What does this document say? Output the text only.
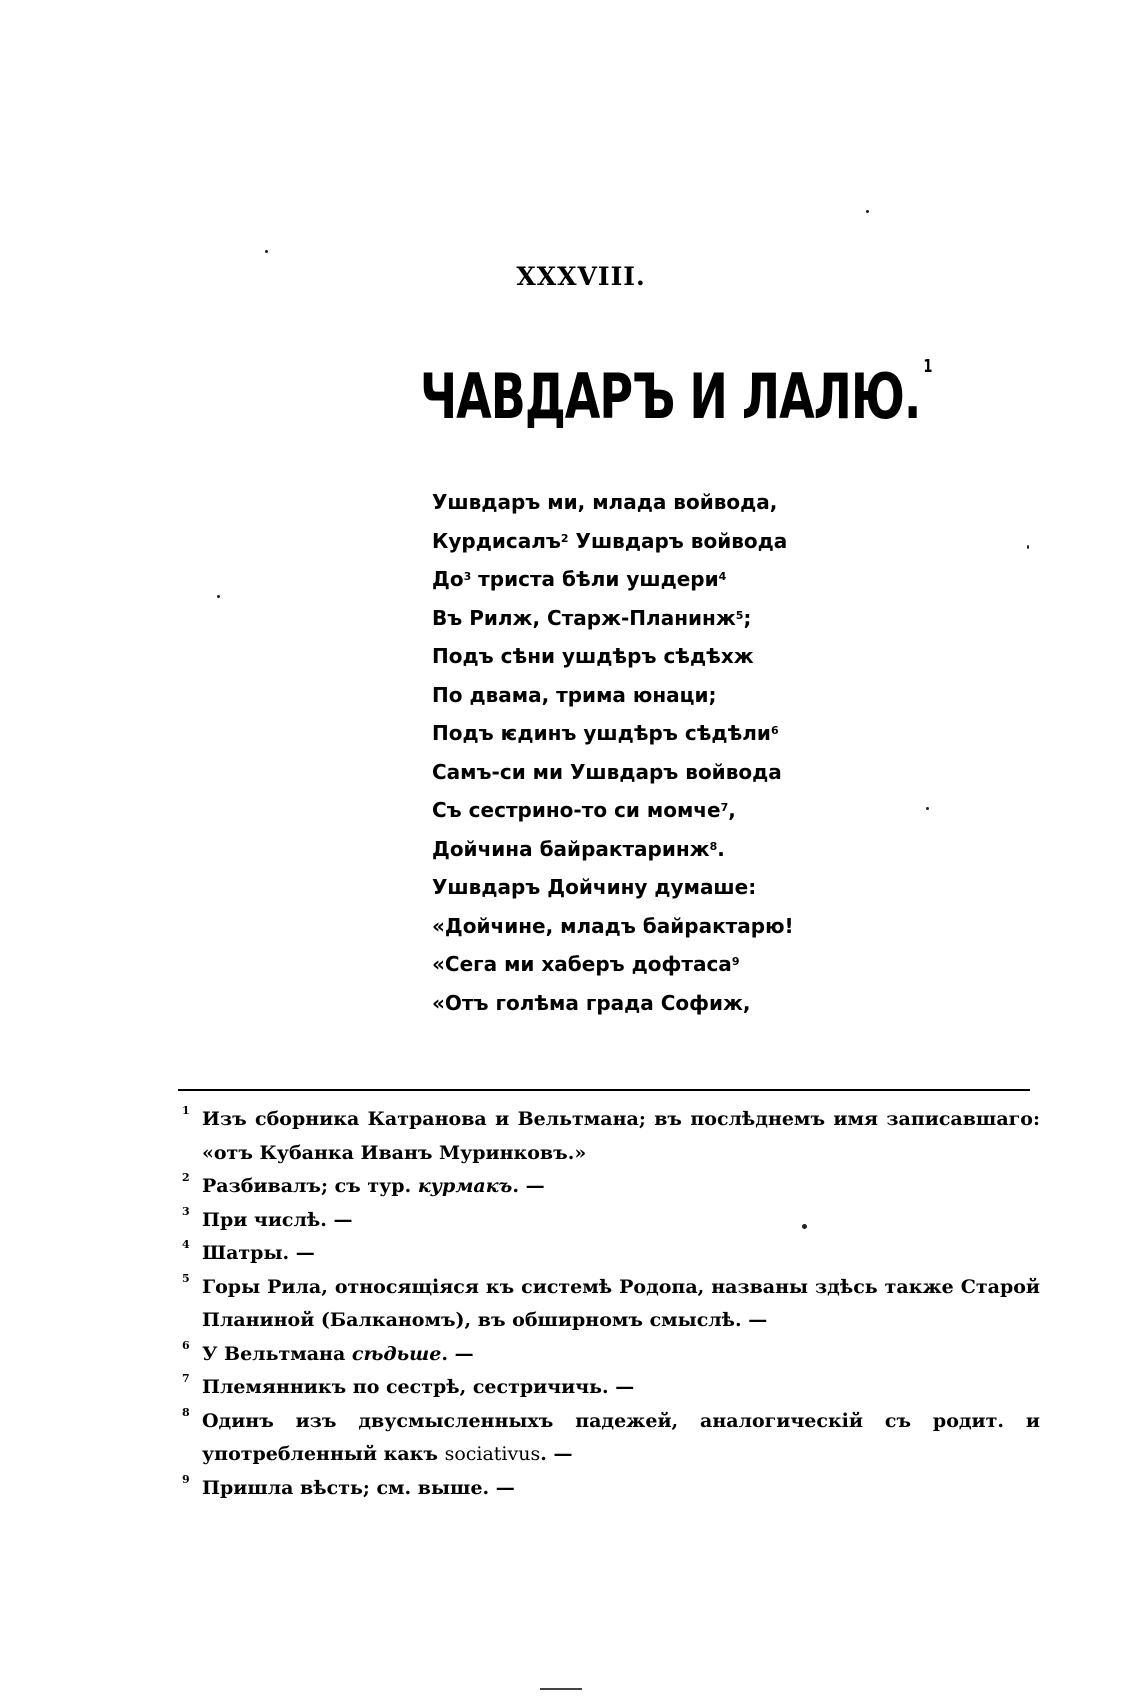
XXXVIII.
ЧАВДАРЪ И ЛАЛЮ. $^1$
Ушвдаръ ми, млада войвода,
Курдисалъ$^2$ Ушвдаръ войвода
$До^3$ триста бѣли ушдери$^4$
Въ Рилж, Старж-Планинж$^5$;
Подъ сѣни ушдѣръ сѣдѣхж
По двама, трима юнаци;
Подъ ѥдинъ ушдѣръ сѣдѣли$^6$
Самъ-си ми Ушвдаръ войвода
Съ сестрино-то си момче$^7$,
Дойчина байрактаринж$^8$.
Ушвдаръ Дойчину думаше:
«Дойчине, младъ байрактарю!
«Сега ми хаберъ дофтаса$^9$
«Отъ голѣма града Софиж,
1 Изъ сборника Катранова и Вельтмана; въ послѣднемъ имя записавшаго: «отъ Кубанка Иванъ Муринковъ.»
2 Разбивалъ; съ тур. курмакъ. —
3 При числѣ. —
4 Шатры. —
5 Горы Рила, относящіяся къ системѣ Родопа, названы здѣсь также Старой Планиной (Балканомъ), въ обширномъ смыслѣ. —
6 У Вельтмана сѣдьше. —
7 Племянникъ по сестрѣ, сестричичь. —
8 Одинъ изъ двусмысленныхъ падежей, аналогическій съ родит. и употребленный какъ sociativus. —
9 Пришла вѣсть; см. выше. —
